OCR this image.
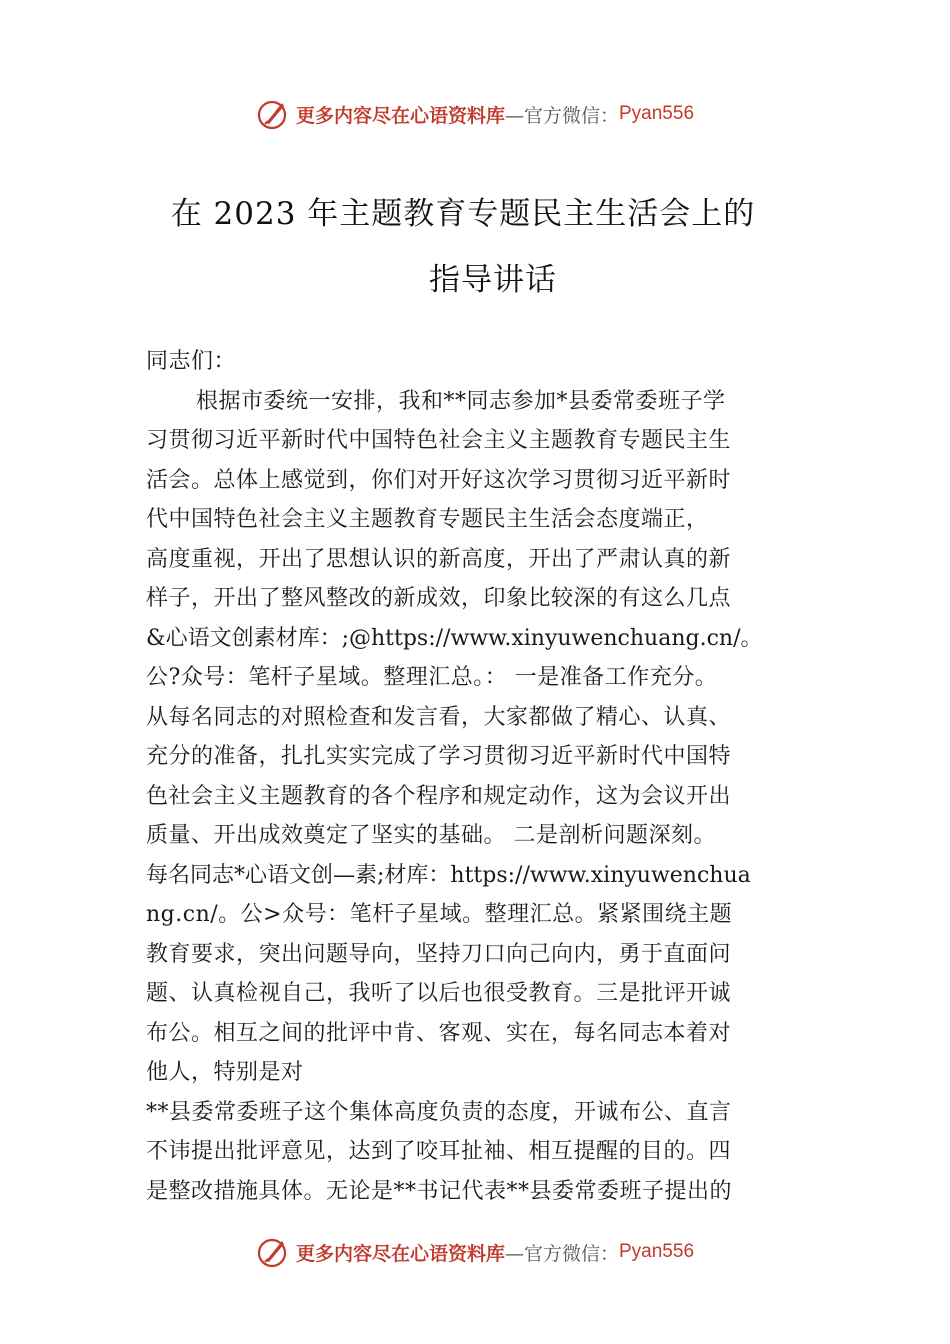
更多内容尽在心语资料库 —官方微信： Pyan556
在 2023 年主题教育专题民主生活会上的
指导讲话
同志们：
根据市委统一安排，我和**同志参加*县委常委班子学
习贯彻习近平新时代中国特色社会主义主题教育专题民主生
活会。总体上感觉到，你们对开好这次学习贯彻习近平新时
代中国特色社会主义主题教育专题民主生活会态度端正，
高度重视，开出了思想认识的新高度，开出了严肃认真的新
样子，开出了整风整改的新成效，印象比较深的有这么几点
&心语文创素材库：;@https://www.xinyuwenchuang.cn/。
公?众号：笔杆子星域。整理汇总。： 一是准备工作充分。
从每名同志的对照检查和发言看，大家都做了精心、认真、
充分的准备，扎扎实实完成了学习贯彻习近平新时代中国特
色社会主义主题教育的各个程序和规定动作，这为会议开出
质量、开出成效奠定了坚实的基础。 二是剖析问题深刻。
每名同志*心语文创—素;材库：https://www.xinyuwenchua
ng.cn/。公>众号：笔杆子星域。整理汇总。紧紧围绕主题
教育要求，突出问题导向，坚持刀口向己向内，勇于直面问
题、认真检视自己，我听了以后也很受教育。三是批评开诚
布公。相互之间的批评中肯、客观、实在，每名同志本着对
他人，特别是对
**县委常委班子这个集体高度负责的态度，开诚布公、直言
不讳提出批评意见，达到了咬耳扯袖、相互提醒的目的。四
是整改措施具体。无论是**书记代表**县委常委班子提出的
更多内容尽在心语资料库 —官方微信： Pyan556
